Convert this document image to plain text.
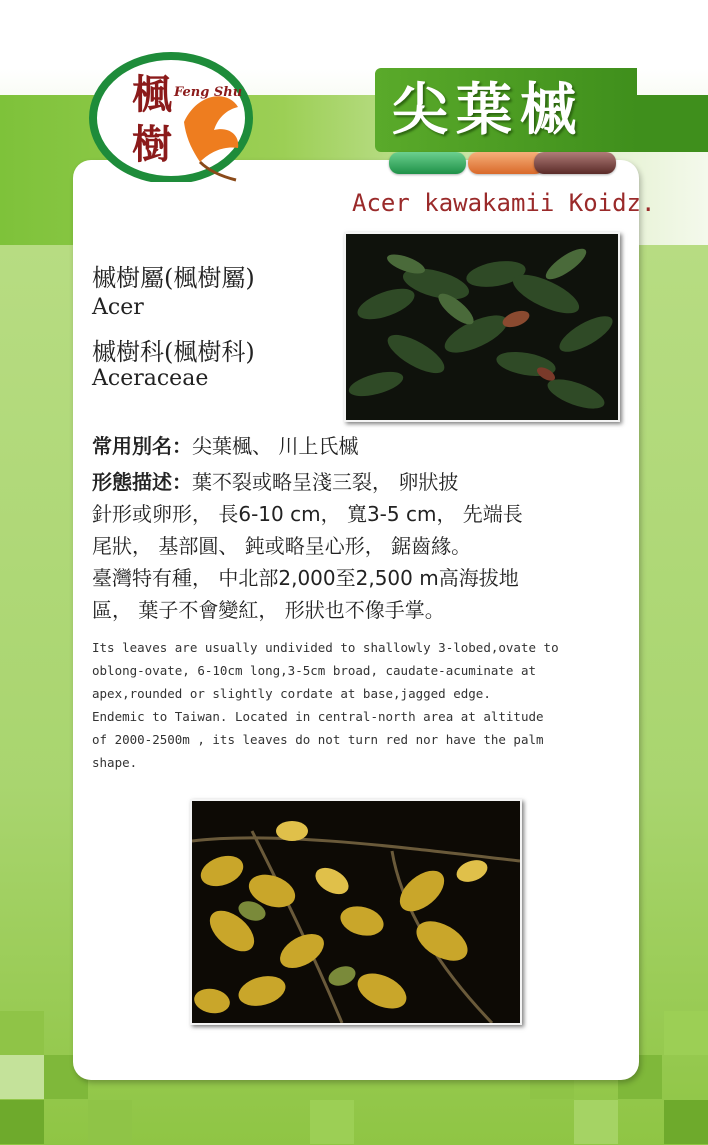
尖葉槭
楓
樹
Feng Shu
Acer kawakamii Koidz.
槭樹屬(楓樹屬)
Acer
槭樹科(楓樹科)
Aceraceae
常用別名：尖葉楓、 川上氏槭
形態描述：葉不裂或略呈淺三裂， 卵狀披
針形或卵形， 長6-10 cm， 寬3-5 cm， 先端長
尾狀， 基部圓、 鈍或略呈心形， 鋸齒緣。
臺灣特有種， 中北部2,000至2,500 m高海拔地
區， 葉子不會變紅， 形狀也不像手掌。
Its leaves are usually undivided to shallowly 3-lobed,ovate to
oblong-ovate, 6-10cm long,3-5cm broad, caudate-acuminate at
apex,rounded or slightly cordate at base,jagged edge.
Endemic to Taiwan. Located in central-north area at altitude
of 2000-2500m , its leaves do not turn red nor have the palm
shape.
